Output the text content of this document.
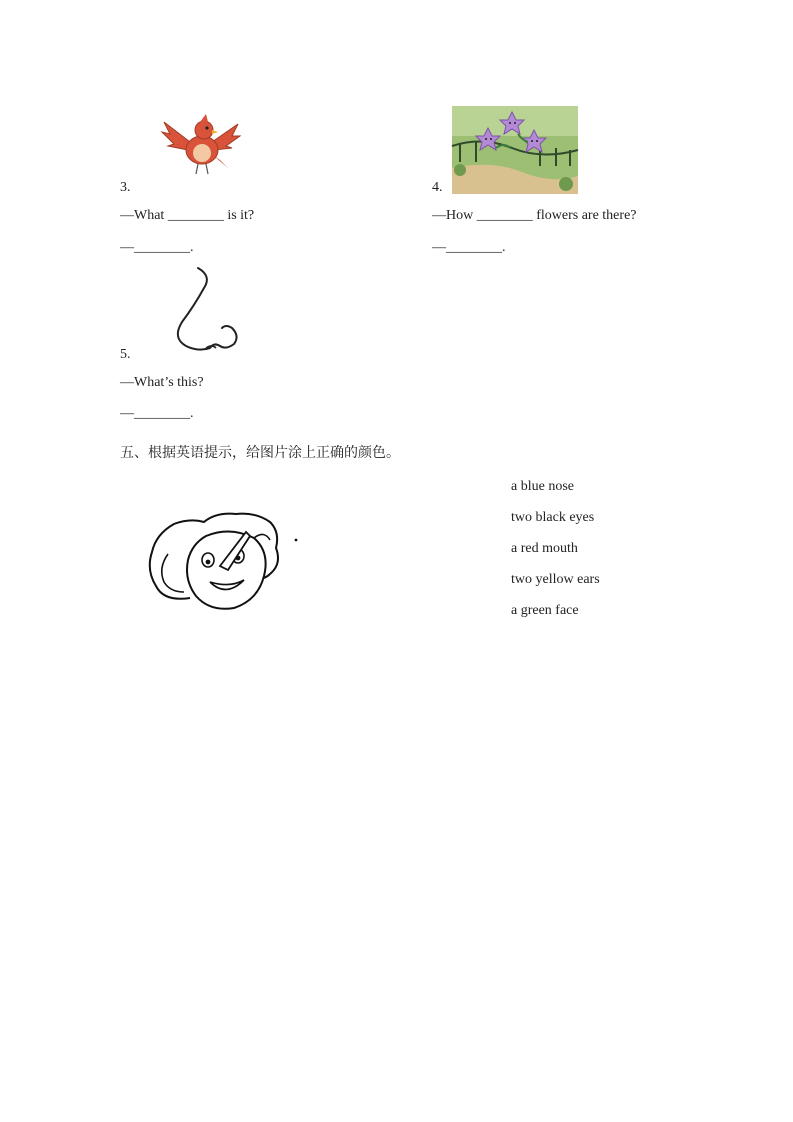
3.
—What ________ is it?
—________.
4.
—How ________ flowers are there?
—________.
5.
—What’s this?
—________.
五、根据英语提示，给图片涂上正确的颜色。
a blue nose
two black eyes
a red mouth
two yellow ears
a green face
